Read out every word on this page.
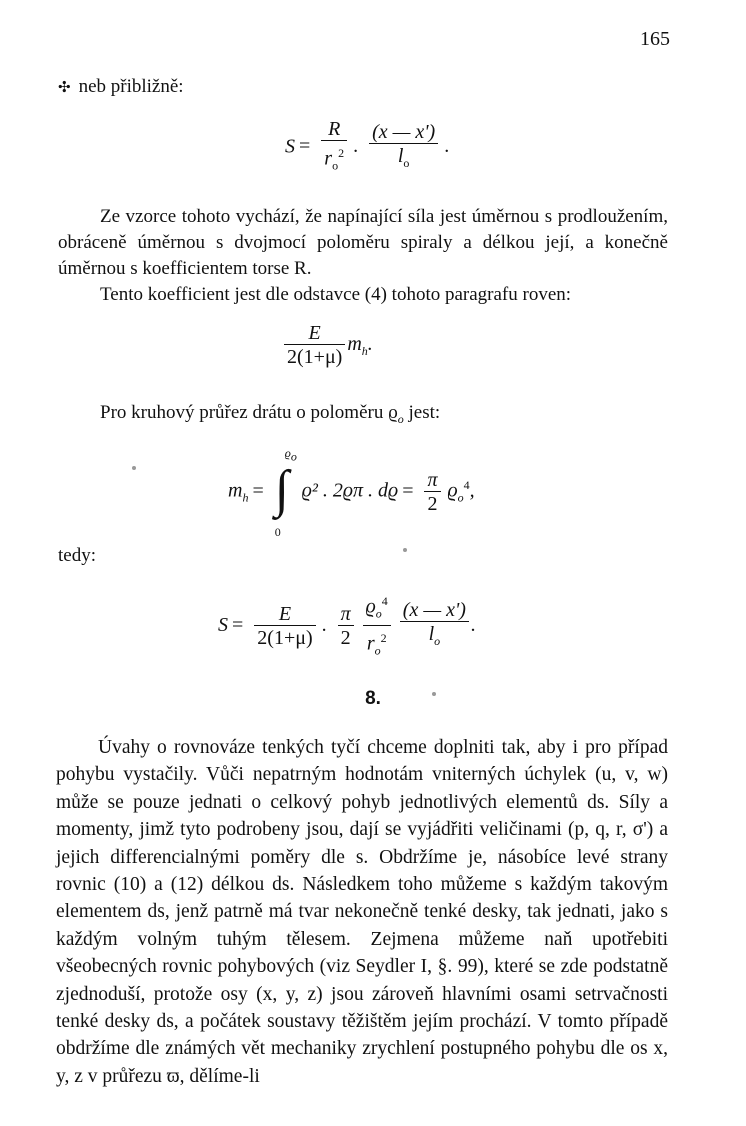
165
✣ neb přibližně:
$S = \frac{R}{r_o^2}$ . $\frac{(x — x')}{l_o}$ .

Ze vzorce tohoto vychází, že napínající síla jest úměrnou s prodloužením, obráceně úměrnou s dvojmocí poloměru spiraly a délkou její, a konečně úměrnou s koefficientem torse R.

Tento koefficient jest dle odstavce (4) tohoto paragrafu roven:

$\frac{E}{2(1+\mu)} m_h$.
Pro kruhový průřez drátu o poloměru $ϱ_o$ jest:
$m_h$ =
$ϱ_o$
∫
0
ϱ² . 2ϱπ . $dϱ = \frac{\pi}{2} ϱ_o^4$,
tedy:
$S = \frac{E}{2(1+\mu)}$ . $\frac{\pi}{2}$
$\frac{ϱ_o^4}{r_o^2}$
$\frac{(x — x')}{l_o}$ .
8.

Úvahy o rovnováze tenkých tyčí chceme doplniti tak, aby i pro případ pohybu vystačily. Vůči nepatrným hodnotám vniterných úchylek (u, v, w) může se pouze jednati o celkový pohyb jednotlivých elementů ds. Síly a momenty, jimž tyto podrobeny jsou, dají se vyjádřiti veličinami (p, q, r, σ') a jejich differencialnými poměry dle s. Obdržíme je, násobíce levé strany rovnic (10) a (12) délkou ds. Následkem toho můžeme s každým takovým elementem ds, jenž patrně má tvar nekonečně tenké desky, tak jednati, jako s každým volným tuhým tělesem. Zejmena můžeme naň upotřebiti všeobecných rovnic pohybových (viz Seydler I, §. 99), které se zde podstatně zjednoduší, protože osy (x, y, z) jsou zároveň hlavními osami setrvačnosti tenké desky ds, a počátek soustavy těžištěm jejím prochází. V tomto případě obdržíme dle známých vět mechaniky zrychlení postupného pohybu dle os x, y, z v průřezu ϖ, dělíme-li
